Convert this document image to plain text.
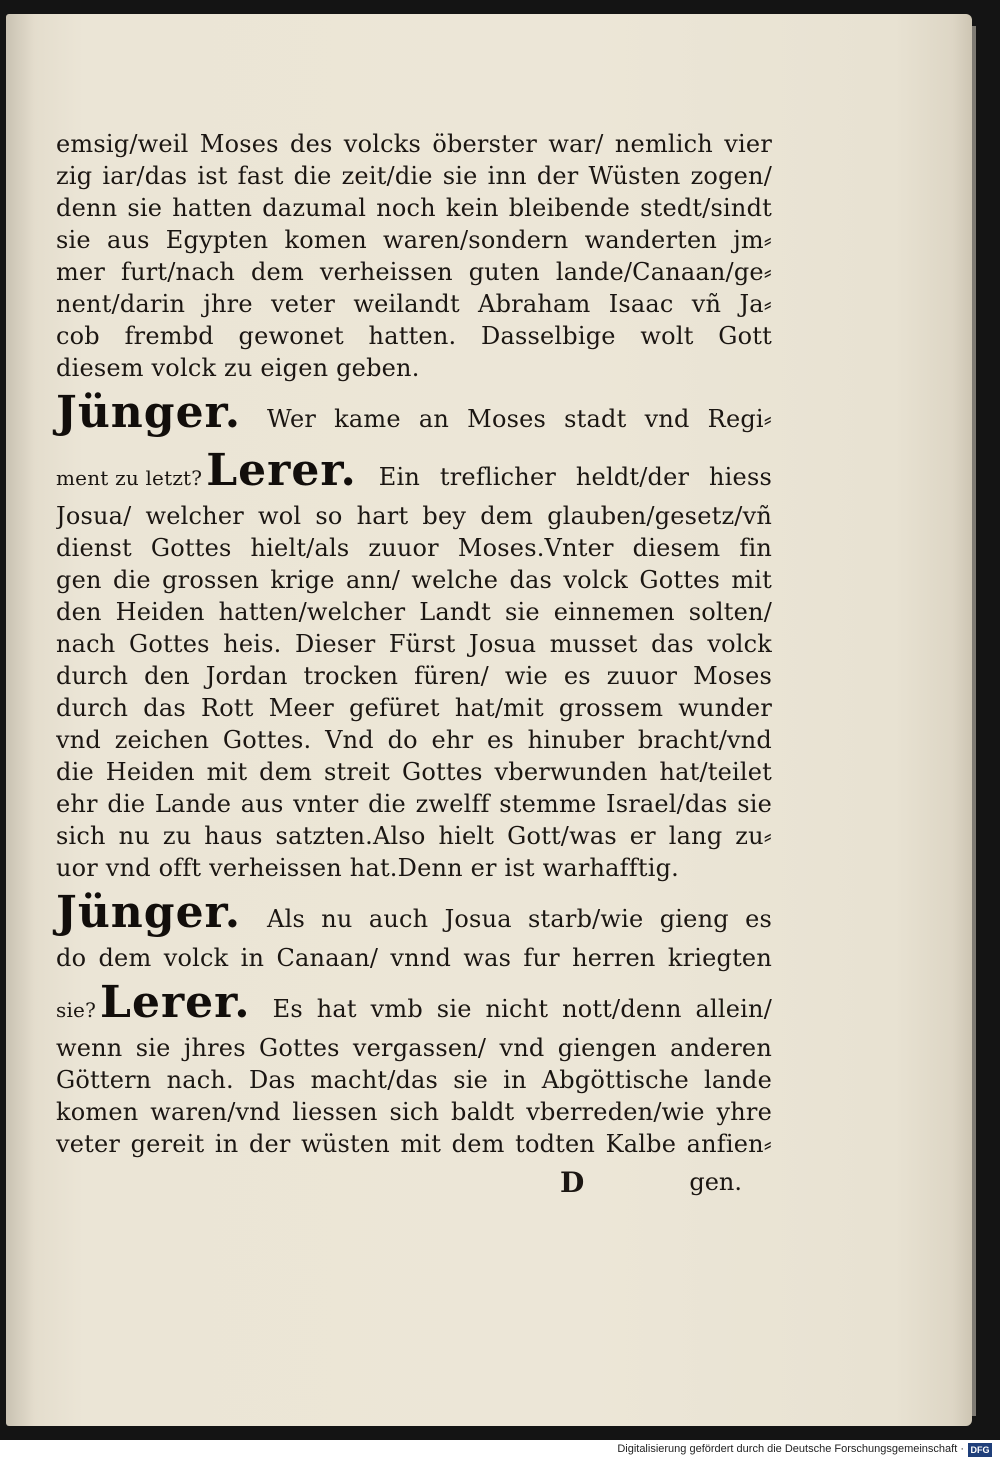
emsig/weil Moses des volcks öberster war/ nemlich vier
zig iar/das ist fast die zeit/die sie inn der Wüsten zogen/
denn sie hatten dazumal noch kein bleibende stedt/sindt
sie aus Egypten komen waren/sondern wanderten jm⸗
mer furt/nach dem verheissen guten lande/Canaan/ge⸗
nent/darin jhre veter weilandt Abraham Isaac vñ Ja⸗
cob frembd gewonet hatten. Dasselbige wolt Gott
diesem volck zu eigen geben.
Jünger. Wer kame an Moses stadt vnd Regi⸗
ment zu letzt? Lerer. Ein treflicher heldt/der hiess
Josua/ welcher wol so hart bey dem glauben/gesetz/vñ
dienst Gottes hielt/als zuuor Moses.Vnter diesem fin
gen die grossen krige ann/ welche das volck Gottes mit
den Heiden hatten/welcher Landt sie einnemen solten/
nach Gottes heis. Dieser Fürst Josua musset das volck
durch den Jordan trocken füren/ wie es zuuor Moses
durch das Rott Meer gefüret hat/mit grossem wunder
vnd zeichen Gottes. Vnd do ehr es hinuber bracht/vnd
die Heiden mit dem streit Gottes vberwunden hat/teilet
ehr die Lande aus vnter die zwelff stemme Israel/das sie
sich nu zu haus satzten.Also hielt Gott/was er lang zu⸗
uor vnd offt verheissen hat.Denn er ist warhafftig.
Jünger. Als nu auch Josua starb/wie gieng es
do dem volck in Canaan/ vnnd was fur herren kriegten
sie? Lerer. Es hat vmb sie nicht nott/denn allein/
wenn sie jhres Gottes vergassen/ vnd giengen anderen
Göttern nach. Das macht/das sie in Abgöttische lande
komen waren/vnd liessen sich baldt vberreden/wie yhre
veter gereit in der wüsten mit dem todten Kalbe anfien⸗
D	gen.
Digitalisierung gefördert durch die Deutsche Forschungsgemeinschaft · DFG
